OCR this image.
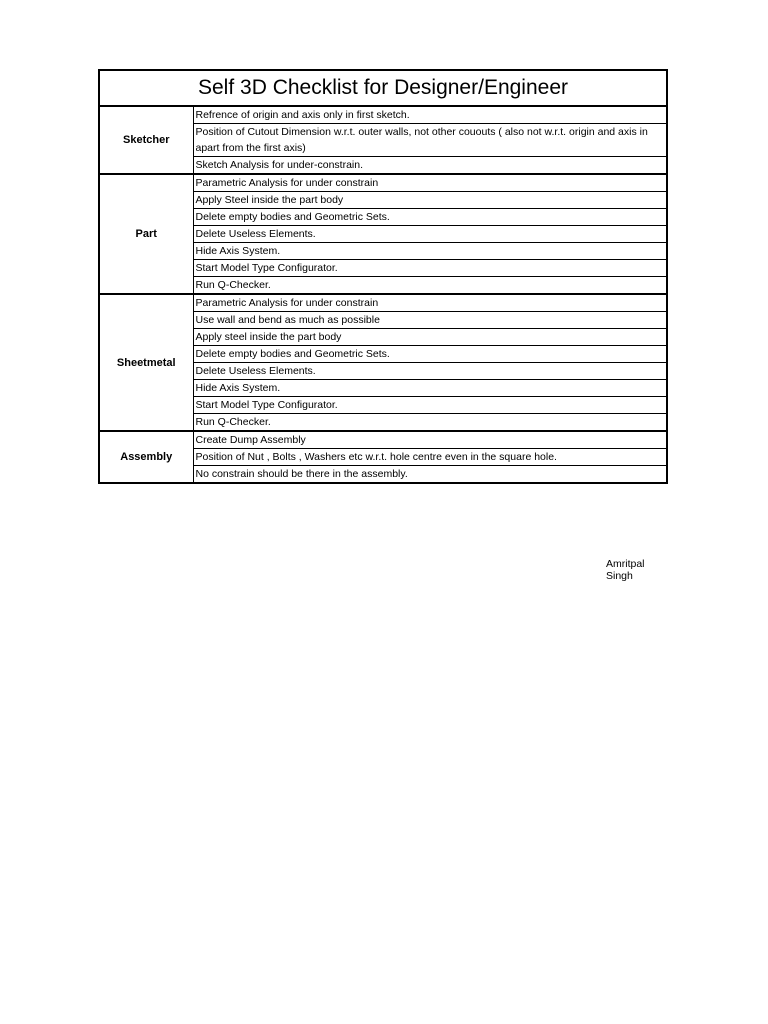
Self 3D Checklist for Designer/Engineer	
Sketcher	Refrence of origin and axis only in first sketch.
	Position of Cutout Dimension w.r.t. outer walls, not other cououts ( also not w.r.t. origin and axis in apart from the first axis)
	Sketch Analysis for under-constrain.
Part	Parametric Analysis for under constrain
	Apply Steel inside the part body
	Delete empty bodies and Geometric Sets.
	Delete Useless Elements.
	Hide Axis System.
	Start Model Type Configurator.
	Run Q-Checker.
Sheetmetal	Parametric Analysis for under constrain
	Use wall and bend as much as possible
	Apply steel inside the part body
	Delete empty bodies and Geometric Sets.
	Delete Useless Elements.
	Hide Axis System.
	Start Model Type Configurator.
	Run Q-Checker.
Assembly	Create Dump Assembly
	Position of Nut , Bolts , Washers etc w.r.t. hole centre even in the square hole.
	No constrain should be there in the assembly.
Amritpal Singh
